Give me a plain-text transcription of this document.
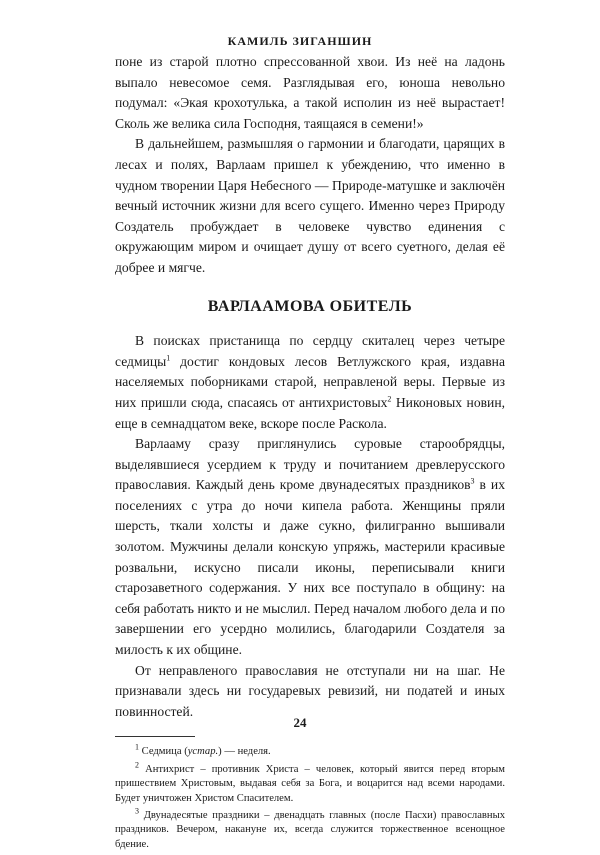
КАМИЛЬ ЗИГАНШИН

поне из старой плотно спрессованной хвои. Из неё на ладонь выпало невесомое семя. Разглядывая его, юноша невольно подумал: «Экая крохотулька, а такой исполин из неё вырастает! Сколь же велика сила Господня, таящаяся в семени!»

В дальнейшем, размышляя о гармонии и благодати, царящих в лесах и полях, Варлаам пришел к убеждению, что именно в чудном творении Царя Небесного — Природе-матушке и заключён вечный источник жизни для всего сущего. Именно через Природу Создатель пробуждает в человеке чувство единения с окружающим миром и очищает душу от всего суетного, делая её добрее и мягче.

ВАРЛААМОВА ОБИТЕЛЬ

В поисках пристанища по сердцу скиталец через четыре седмицы$^1$ достиг кондовых лесов Ветлужского края, издавна населяемых поборниками старой, неправленой веры. Первые из них пришли сюда, спасаясь от антихристовых$^2$ Никоновых новин, еще в семнадцатом веке, вскоре после Раскола.

Варлааму сразу приглянулись суровые старообрядцы, выделявшиеся усердием к труду и почитанием древлерусского православия. Каждый день кроме двунадесятых праздников$^3$ в их поселениях с утра до ночи кипела работа. Женщины пряли шерсть, ткали холсты и даже сукно, филигранно вышивали золотом. Мужчины делали конскую упряжь, мастерили красивые розвальни, искусно писали иконы, переписывали книги старозаветного содержания. У них все поступало в общину: на себя работать никто и не мыслил. Перед началом любого дела и по завершении его усердно молились, благодарили Создателя за милость к их общине.

От неправленого православия не отступали ни на шаг. Не признавали здесь ни государевых ревизий, ни податей и иных повинностей.

$^1$ Седмица (устар.) — неделя.

$^2$ Антихрист – противник Христа – человек, который явится перед вторым пришествием Христовым, выдавая себя за Бога, и воцарится над всеми народами. Будет уничтожен Христом Спасителем.

$^3$ Двунадесятые праздники – двенадцать главных (после Пасхи) православных праздников. Вечером, накануне их, всегда служится торжественное всенощное бдение.

24
